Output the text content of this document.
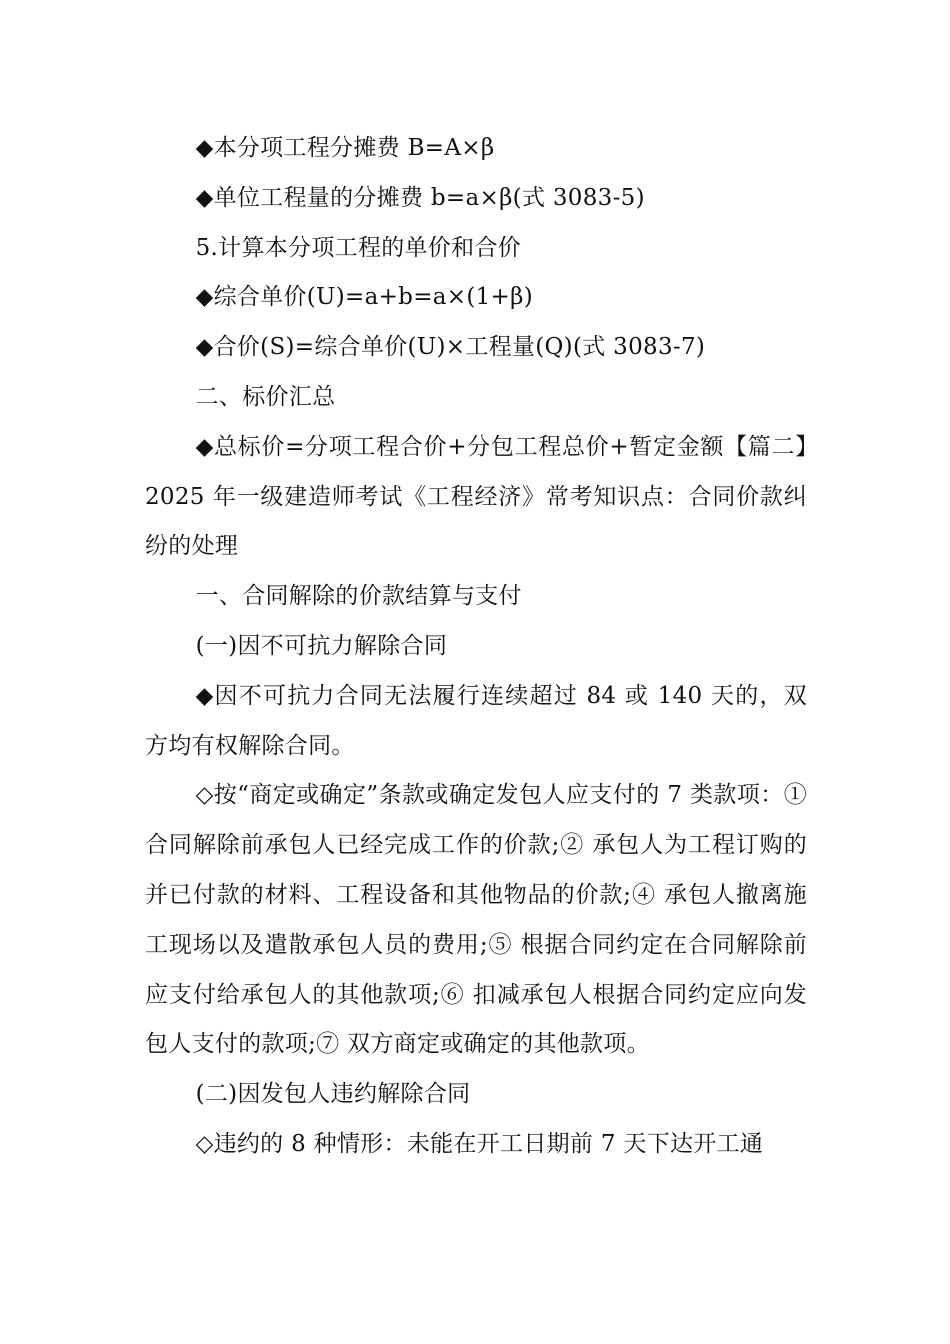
◆本分项工程分摊费 B=A×β

◆单位工程量的分摊费 b=a×β(式 3083-5)

5.计算本分项工程的单价和合价

◆综合单价(U)=a+b=a×(1+β)

◆合价(S)=综合单价(U)×工程量(Q)(式 3083-7)

二、标价汇总

◆总标价=分项工程合价+分包工程总价+暂定金额【篇二】2025 年一级建造师考试《工程经济》常考知识点：合同价款纠纷的处理

一、合同解除的价款结算与支付

(一)因不可抗力解除合同

◆因不可抗力合同无法履行连续超过 84 或 140 天的，双方均有权解除合同。

◇按“商定或确定”条款或确定发包人应支付的 7 类款项：①合同解除前承包人已经完成工作的价款;② 承包人为工程订购的并已付款的材料、工程设备和其他物品的价款;④ 承包人撤离施工现场以及遣散承包人员的费用;⑤ 根据合同约定在合同解除前应支付给承包人的其他款项;⑥ 扣减承包人根据合同约定应向发包人支付的款项;⑦ 双方商定或确定的其他款项。

(二)因发包人违约解除合同

◇违约的 8 种情形：未能在开工日期前 7 天下达开工通
